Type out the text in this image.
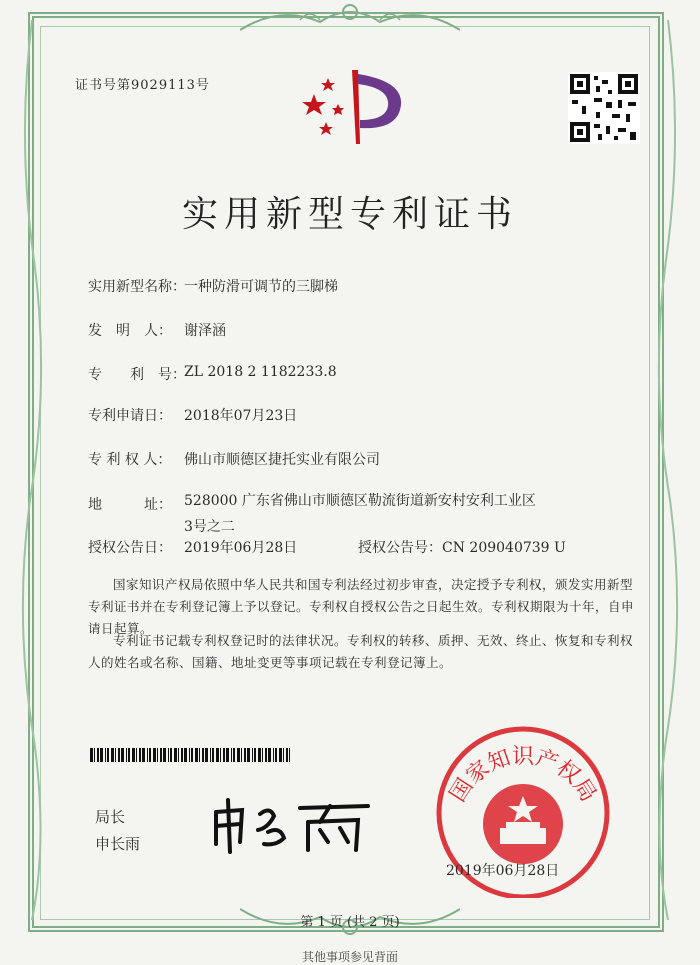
证书号第9029113号
实用新型专利证书
实用新型名称：
一种防滑可调节的三脚梯
发　明　人： 谢泽涵
专　　利　号：
ZL 2018 2 1182233.8
专利申请日： 2018年07月23日
专 利 权 人： 佛山市顺德区捷托实业有限公司
地　　　址： 528000 广东省佛山市顺德区勒流街道新安村安利工业区3号之二
授权公告日： 2019年06月28日	授权公告号：CN 209040739 U
国家知识产权局依照中华人民共和国专利法经过初步审查，决定授予专利权，颁发实用新型专利证书并在专利登记簿上予以登记。专利权自授权公告之日起生效。专利权期限为十年，自申请日起算。
专利证书记载专利权登记时的法律状况。专利权的转移、质押、无效、终止、恢复和专利权人的姓名或名称、国籍、地址变更等事项记载在专利登记簿上。
局长
申长雨
国家知识产权局
2019年06月28日
第 1 页 (共 2 页)
其他事项参见背面
